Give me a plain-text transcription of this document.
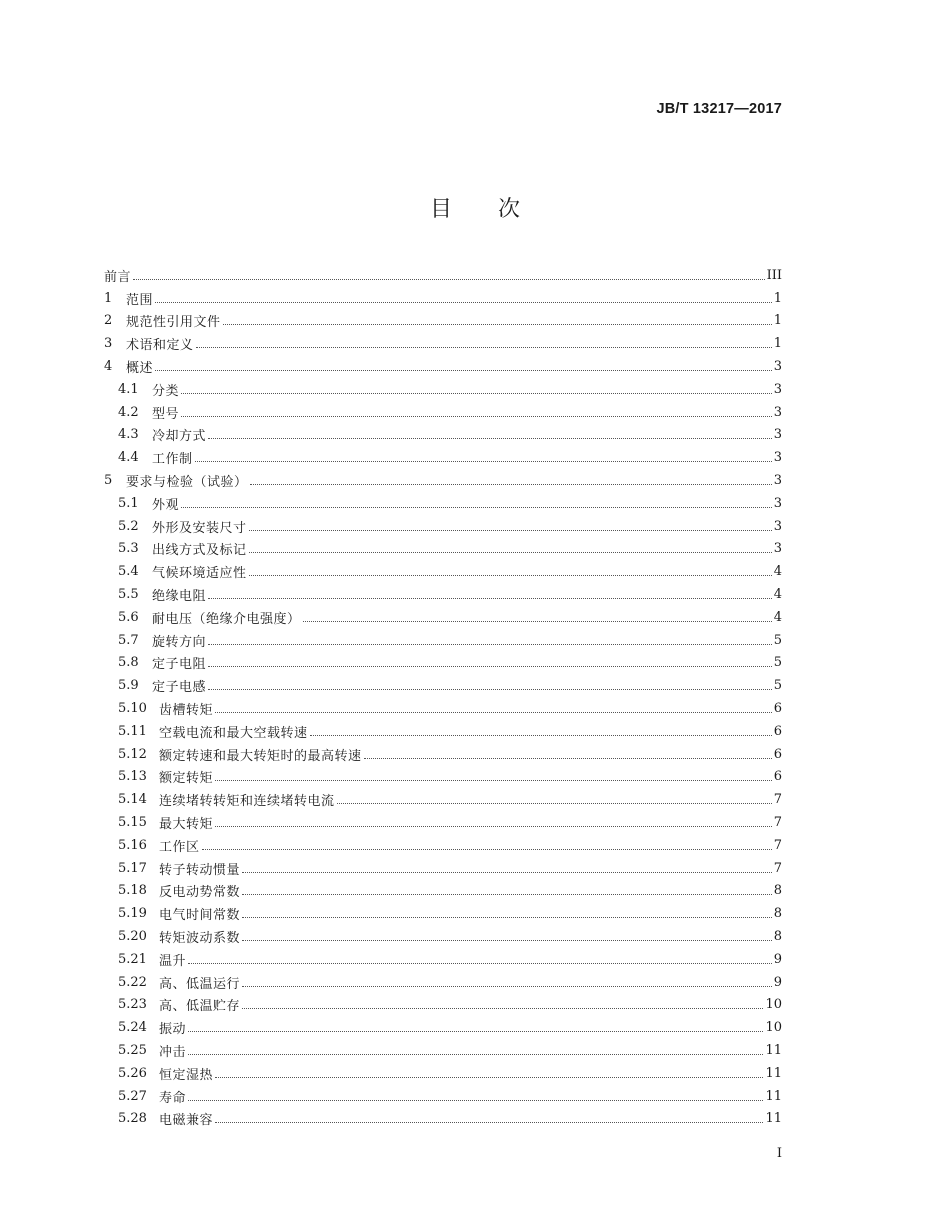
JB/T 13217—2017
目次
前言	III
1	范围	1
2	规范性引用文件	1
3	术语和定义	1
4	概述	3
4.1	分类	3
4.2	型号	3
4.3	冷却方式	3
4.4	工作制	3
5	要求与检验（试验）	3
5.1	外观	3
5.2	外形及安装尺寸	3
5.3	出线方式及标记	3
5.4	气候环境适应性	4
5.5	绝缘电阻	4
5.6	耐电压（绝缘介电强度）	4
5.7	旋转方向	5
5.8	定子电阻	5
5.9	定子电感	5
5.10 齿槽转矩	6
5.11 空载电流和最大空载转速	6
5.12 额定转速和最大转矩时的最高转速	6
5.13 额定转矩	6
5.14 连续堵转转矩和连续堵转电流	7
5.15 最大转矩	7
5.16 工作区	7
5.17 转子转动惯量	7
5.18 反电动势常数	8
5.19 电气时间常数	8
5.20 转矩波动系数	8
5.21 温升	9
5.22 高、低温运行	9
5.23 高、低温贮存	10
5.24 振动	10
5.25 冲击	11
5.26 恒定湿热	11
5.27 寿命	11
5.28 电磁兼容	11
I
